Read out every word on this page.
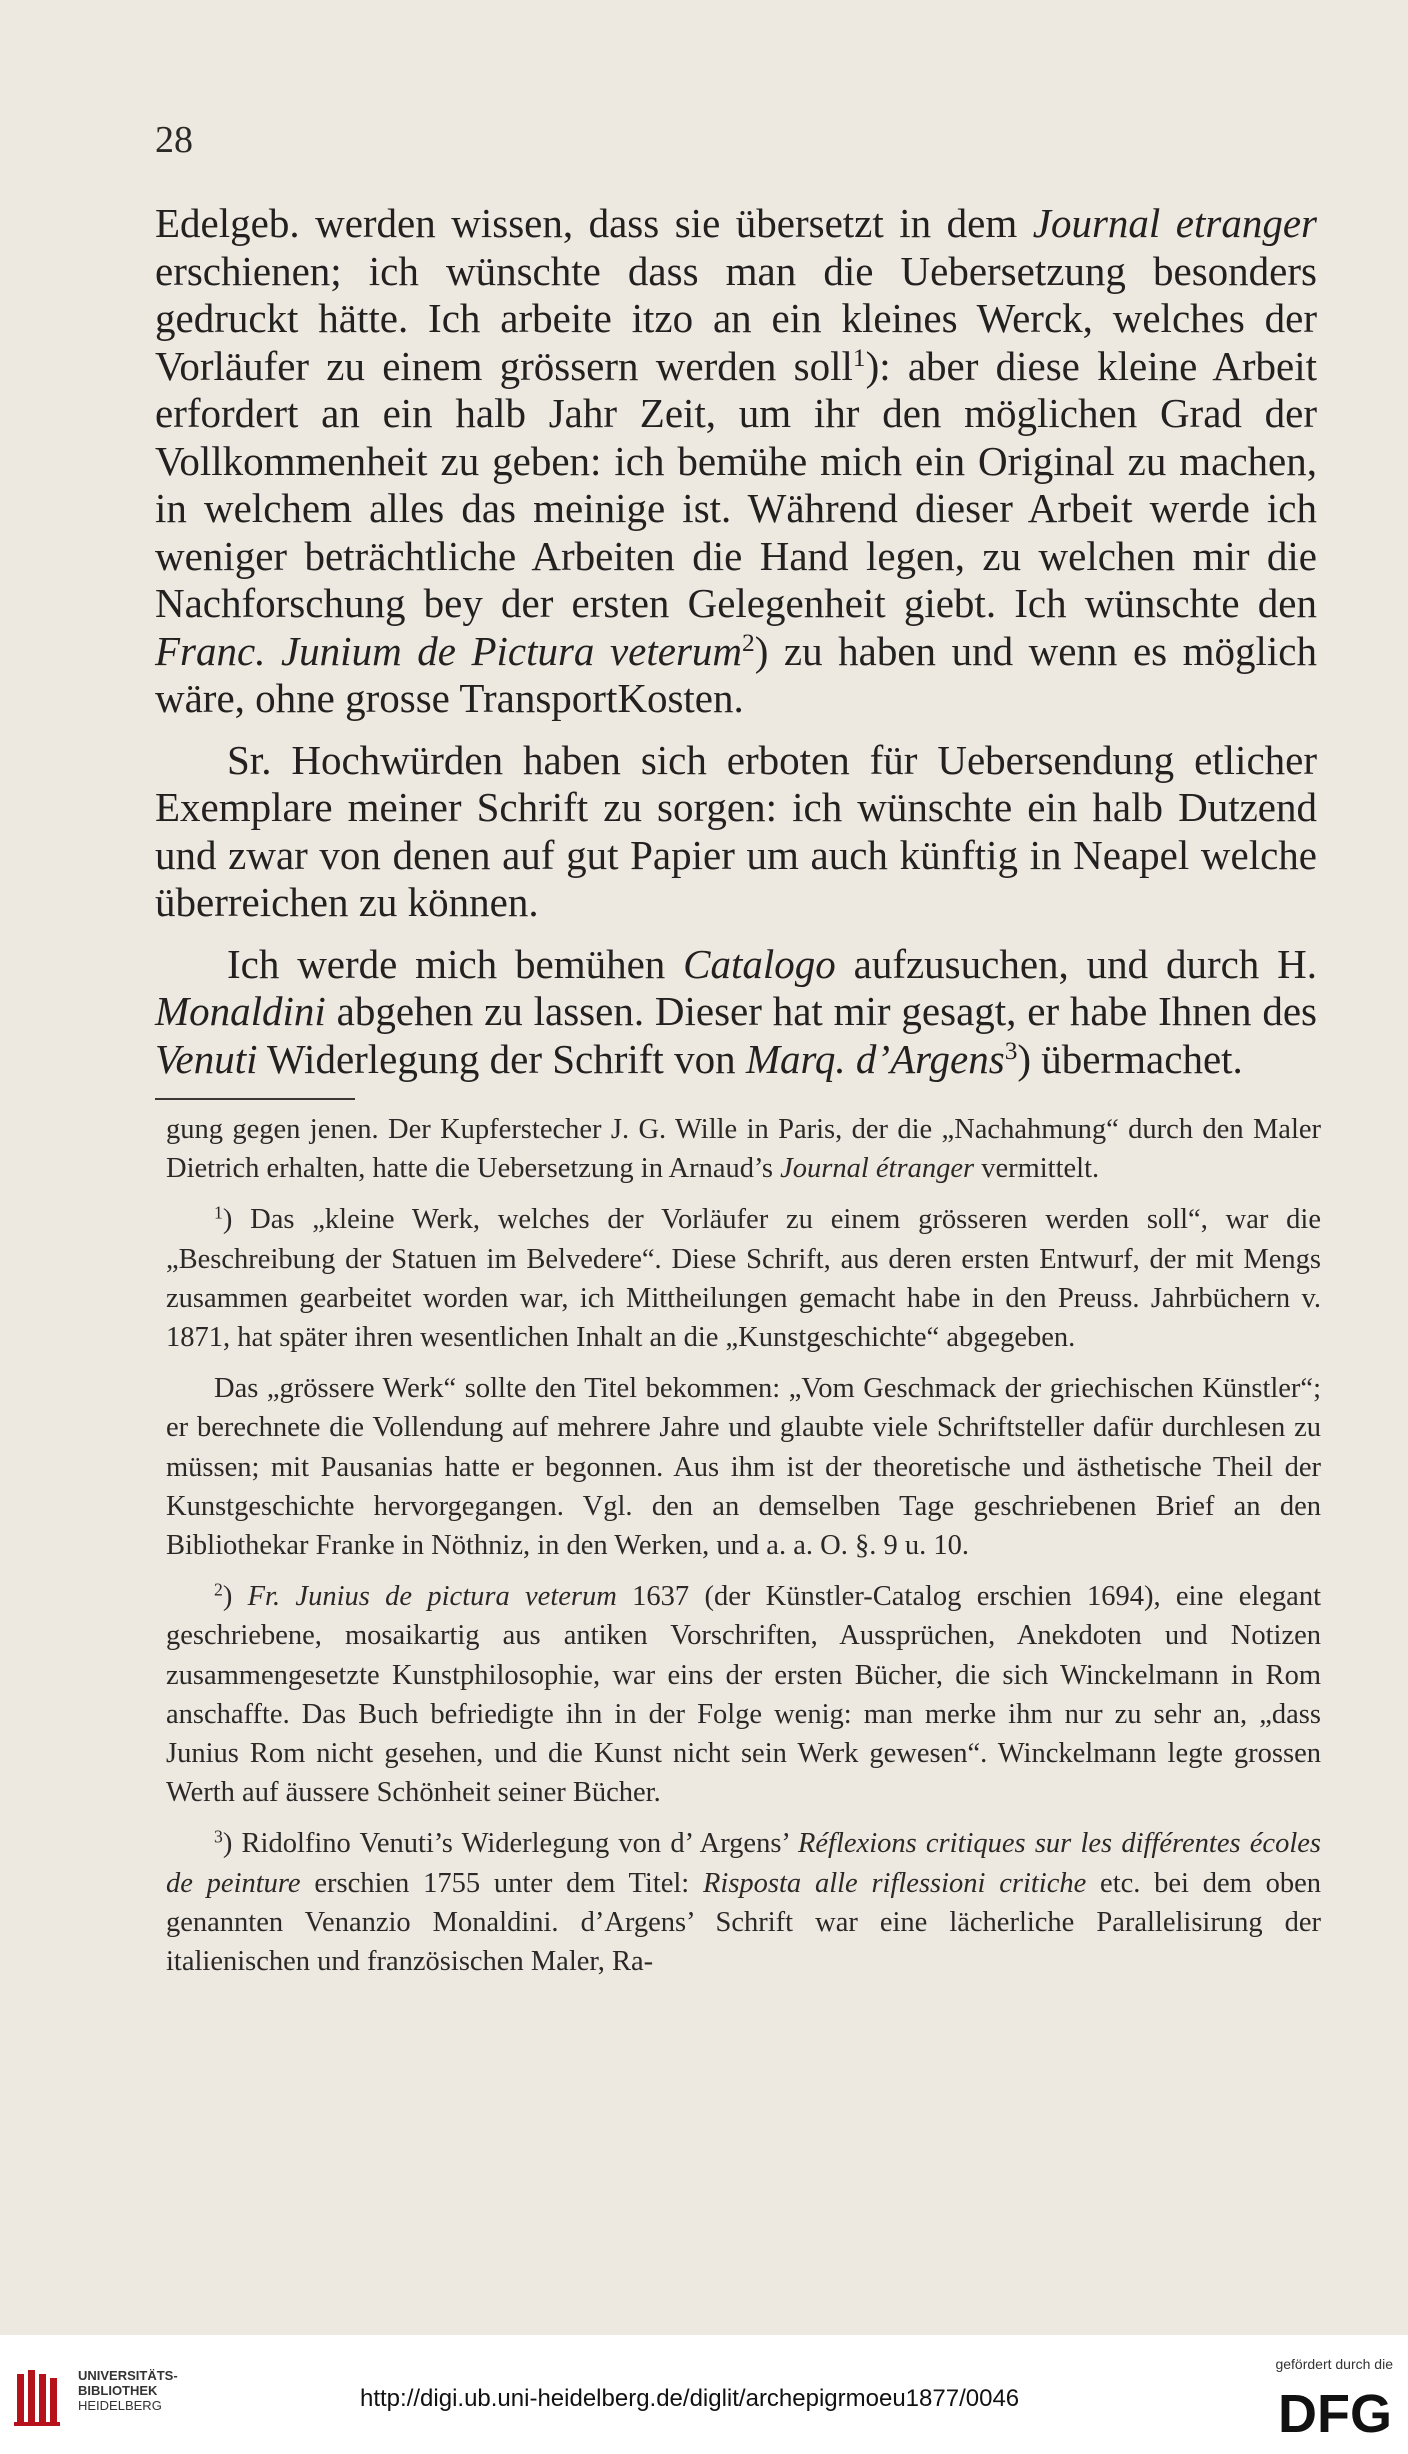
28

Edelgeb. werden wissen, dass sie übersetzt in dem Journal etranger erschienen; ich wünschte dass man die Uebersetzung besonders gedruckt hätte. Ich arbeite itzo an ein kleines Werck, welches der Vorläufer zu einem grössern werden soll$^1$): aber diese kleine Arbeit erfordert an ein halb Jahr Zeit, um ihr den möglichen Grad der Vollkommenheit zu geben: ich bemühe mich ein Original zu machen, in welchem alles das meinige ist. Während dieser Arbeit werde ich weniger beträchtliche Arbeiten die Hand legen, zu welchen mir die Nachforschung bey der ersten Gelegenheit giebt. Ich wünschte den Franc. Junium de Pictura veterum$^2$) zu haben und wenn es möglich wäre, ohne grosse TransportKosten.

Sr. Hochwürden haben sich erboten für Uebersendung etlicher Exemplare meiner Schrift zu sorgen: ich wünschte ein halb Dutzend und zwar von denen auf gut Papier um auch künftig in Neapel welche überreichen zu können.

Ich werde mich bemühen Catalogo aufzusuchen, und durch H. Monaldini abgehen zu lassen. Dieser hat mir gesagt, er habe Ihnen des Venuti Widerlegung der Schrift von Marq. d’Argens$^3$) übermachet.

gung gegen jenen. Der Kupferstecher J. G. Wille in Paris, der die „Nachahmung“ durch den Maler Dietrich erhalten, hatte die Uebersetzung in Arnaud’s Journal étranger vermittelt.

$^1$) Das „kleine Werk, welches der Vorläufer zu einem grösseren werden soll“, war die „Beschreibung der Statuen im Belvedere“. Diese Schrift, aus deren ersten Entwurf, der mit Mengs zusammen gearbeitet worden war, ich Mittheilungen gemacht habe in den Preuss. Jahrbüchern v. 1871, hat später ihren wesentlichen Inhalt an die „Kunstgeschichte“ abgegeben.

Das „grössere Werk“ sollte den Titel bekommen: „Vom Geschmack der griechischen Künstler“; er berechnete die Vollendung auf mehrere Jahre und glaubte viele Schriftsteller dafür durchlesen zu müssen; mit Pausanias hatte er begonnen. Aus ihm ist der theoretische und ästhetische Theil der Kunstgeschichte hervorgegangen. Vgl. den an demselben Tage geschriebenen Brief an den Bibliothekar Franke in Nöthniz, in den Werken, und a. a. O. §. 9 u. 10.

$^2$) Fr. Junius de pictura veterum 1637 (der Künstler-Catalog erschien 1694), eine elegant geschriebene, mosaikartig aus antiken Vorschriften, Aussprüchen, Anekdoten und Notizen zusammengesetzte Kunstphilosophie, war eins der ersten Bücher, die sich Winckelmann in Rom anschaffte. Das Buch befriedigte ihn in der Folge wenig: man merke ihm nur zu sehr an, „dass Junius Rom nicht gesehen, und die Kunst nicht sein Werk gewesen“. Winckelmann legte grossen Werth auf äussere Schönheit seiner Bücher.

$^3$) Ridolfino Venuti’s Widerlegung von d’ Argens’ Réflexions critiques sur les différentes écoles de peinture erschien 1755 unter dem Titel: Risposta alle riflessioni critiche etc. bei dem oben genannten Venanzio Monaldini. d’Argens’ Schrift war eine lächerliche Parallelisirung der italienischen und französischen Maler, Ra-

UNIVERSITÄTS-
BIBLIOTHEK
HEIDELBERG	http://digi.ub.uni-heidelberg.de/diglit/archepigrmoeu1877/0046
gefördert durch die
DFG
